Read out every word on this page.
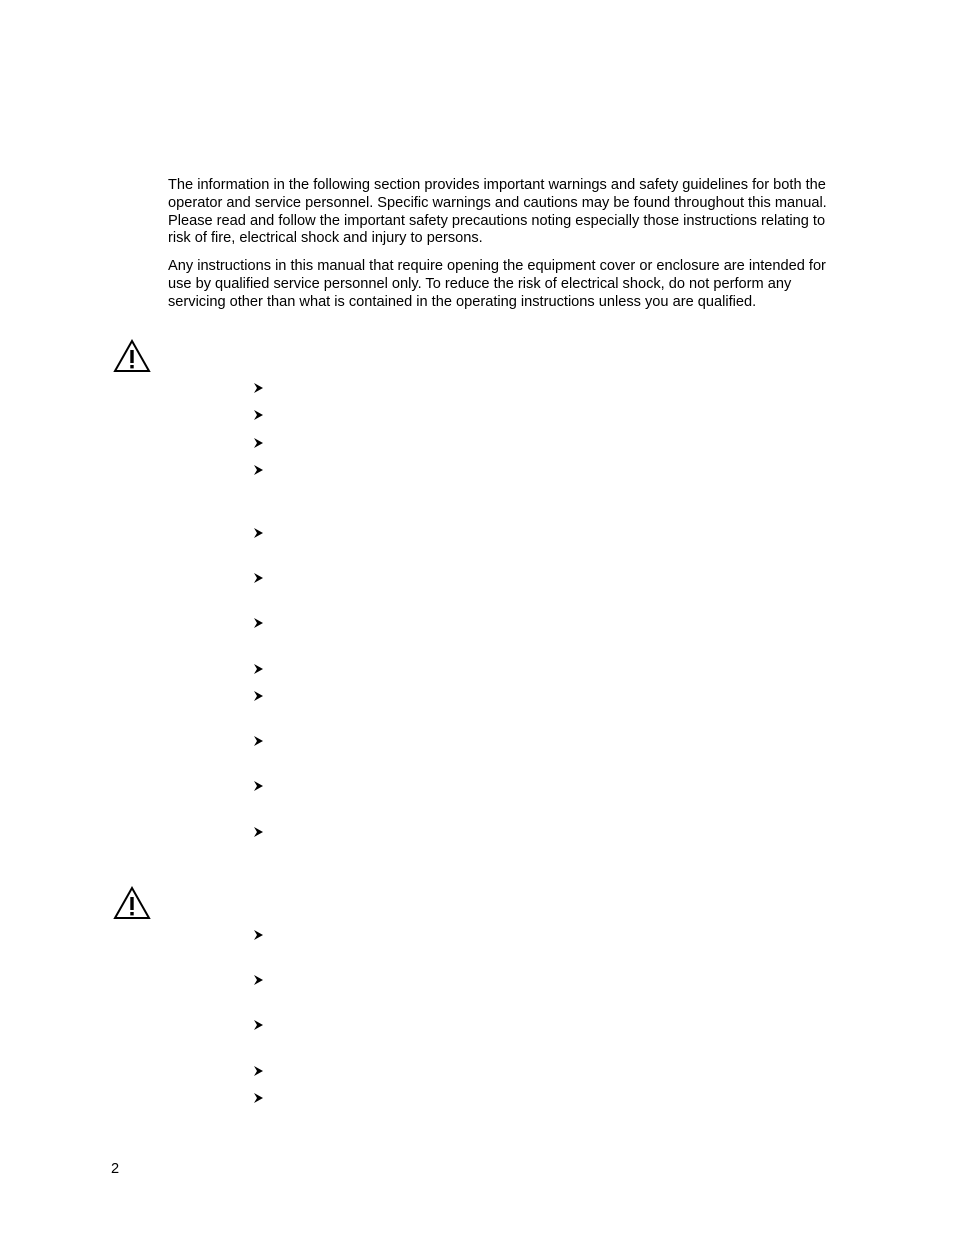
The information in the following section provides important warnings and safety guidelines for both the operator and service personnel. Specific warnings and cautions may be found throughout this manual. Please read and follow the important safety precautions noting especially those instructions relating to risk of fire, electrical shock and injury to persons.

Any instructions in this manual that require opening the equipment cover or enclosure are intended for use by qualified service personnel only. To reduce the risk of electrical shock, do not perform any servicing other than what is contained in the operating instructions unless you are qualified.

2
